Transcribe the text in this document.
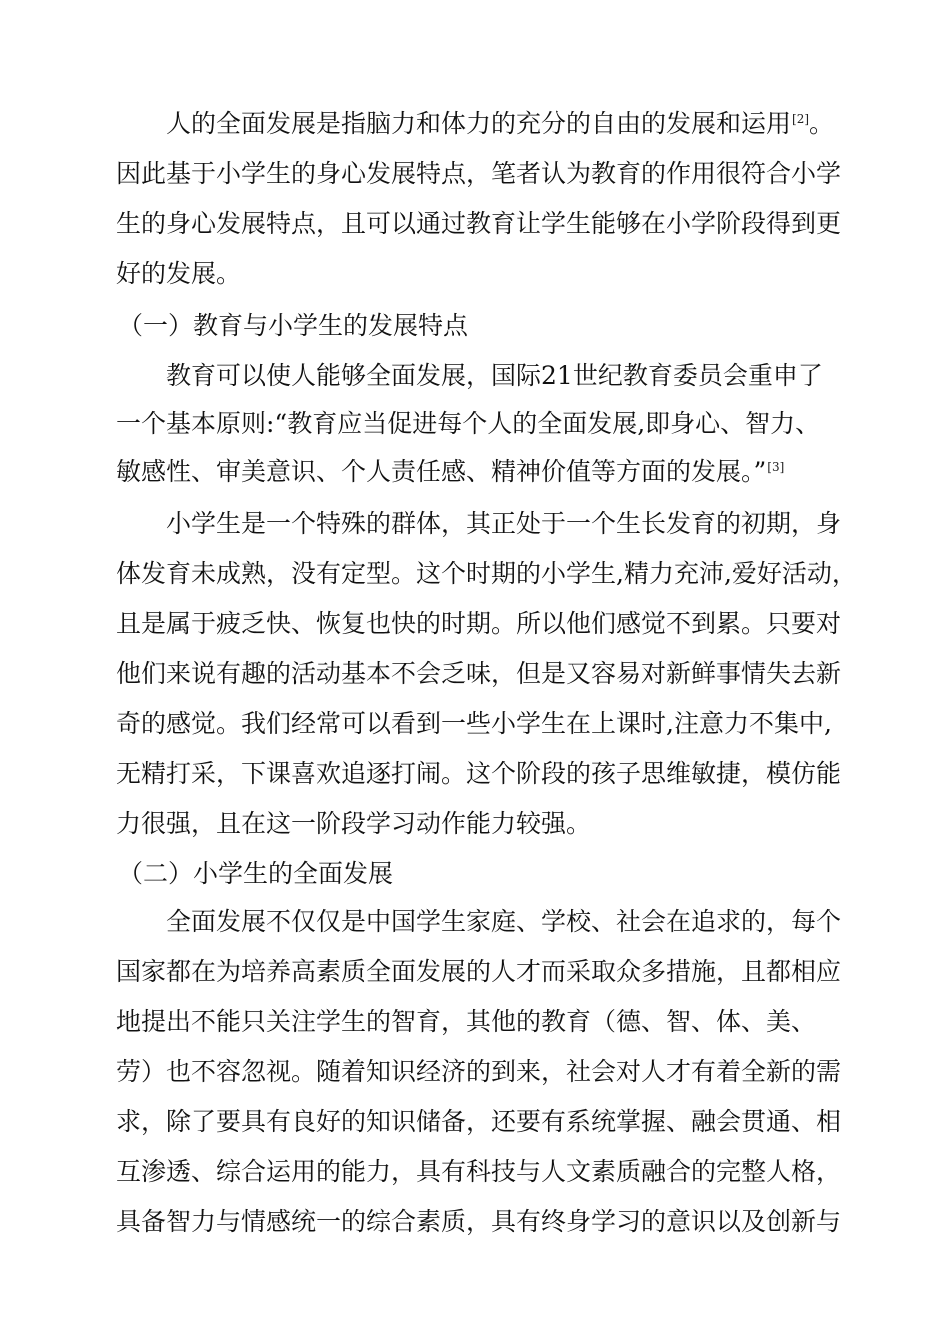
人的全面发展是指脑力和体力的充分的自由的发展和运用[2]。
因此基于小学生的身心发展特点，笔者认为教育的作用很符合小学
生的身心发展特点，且可以通过教育让学生能够在小学阶段得到更
好的发展。
（一）教育与小学生的发展特点
教育可以使人能够全面发展，国际21世纪教育委员会重申了
一个基本原则:“教育应当促进每个人的全面发展,即身心、智力、
敏感性、审美意识、个人责任感、精神价值等方面的发展。”[3]
小学生是一个特殊的群体，其正处于一个生长发育的初期，身
体发育未成熟，没有定型。这个时期的小学生,精力充沛,爱好活动，
且是属于疲乏快、恢复也快的时期。所以他们感觉不到累。只要对
他们来说有趣的活动基本不会乏味，但是又容易对新鲜事情失去新
奇的感觉。我们经常可以看到一些小学生在上课时,注意力不集中,
无精打采，下课喜欢追逐打闹。这个阶段的孩子思维敏捷，模仿能
力很强，且在这一阶段学习动作能力较强。
（二）小学生的全面发展
全面发展不仅仅是中国学生家庭、学校、社会在追求的，每个
国家都在为培养高素质全面发展的人才而采取众多措施，且都相应
地提出不能只关注学生的智育，其他的教育（德、智、体、美、
劳）也不容忽视。随着知识经济的到来，社会对人才有着全新的需
求，除了要具有良好的知识储备，还要有系统掌握、融会贯通、相
互渗透、综合运用的能力，具有科技与人文素质融合的完整人格，
具备智力与情感统一的综合素质，具有终身学习的意识以及创新与
